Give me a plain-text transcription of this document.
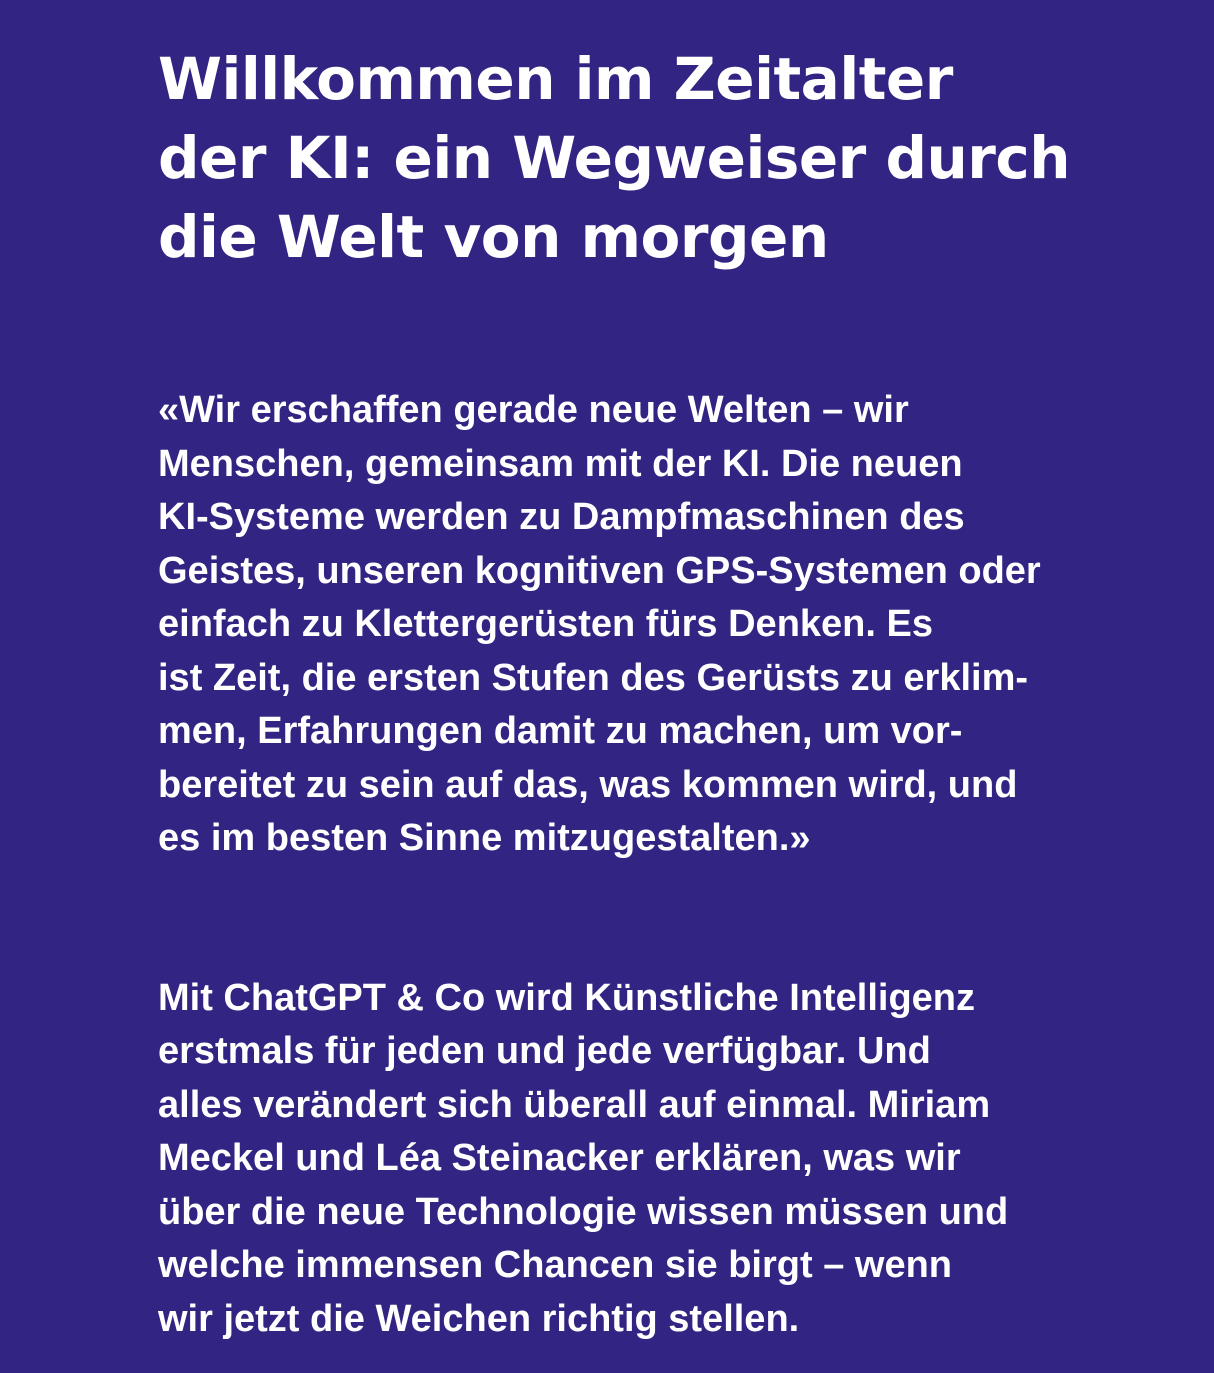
Willkommen im Zeitalter
der KI: ein Wegweiser durch
die Welt von morgen

«Wir erschaffen gerade neue Welten – wir
Menschen, gemeinsam mit der KI. Die neuen
KI-Systeme werden zu Dampfmaschinen des
Geistes, unseren kognitiven GPS-Systemen oder
einfach zu Klettergerüsten fürs Denken. Es
ist Zeit, die ersten Stufen des Gerüsts zu erklim-
men, Erfahrungen damit zu machen, um vor-
bereitet zu sein auf das, was kommen wird, und
es im besten Sinne mitzugestalten.»

Mit ChatGPT & Co wird Künstliche Intelligenz
erstmals für jeden und jede verfügbar. Und
alles verändert sich überall auf einmal. Miriam
Meckel und Léa Steinacker erklären, was wir
über die neue Technologie wissen müssen und
welche immensen Chancen sie birgt – wenn
wir jetzt die Weichen richtig stellen.
